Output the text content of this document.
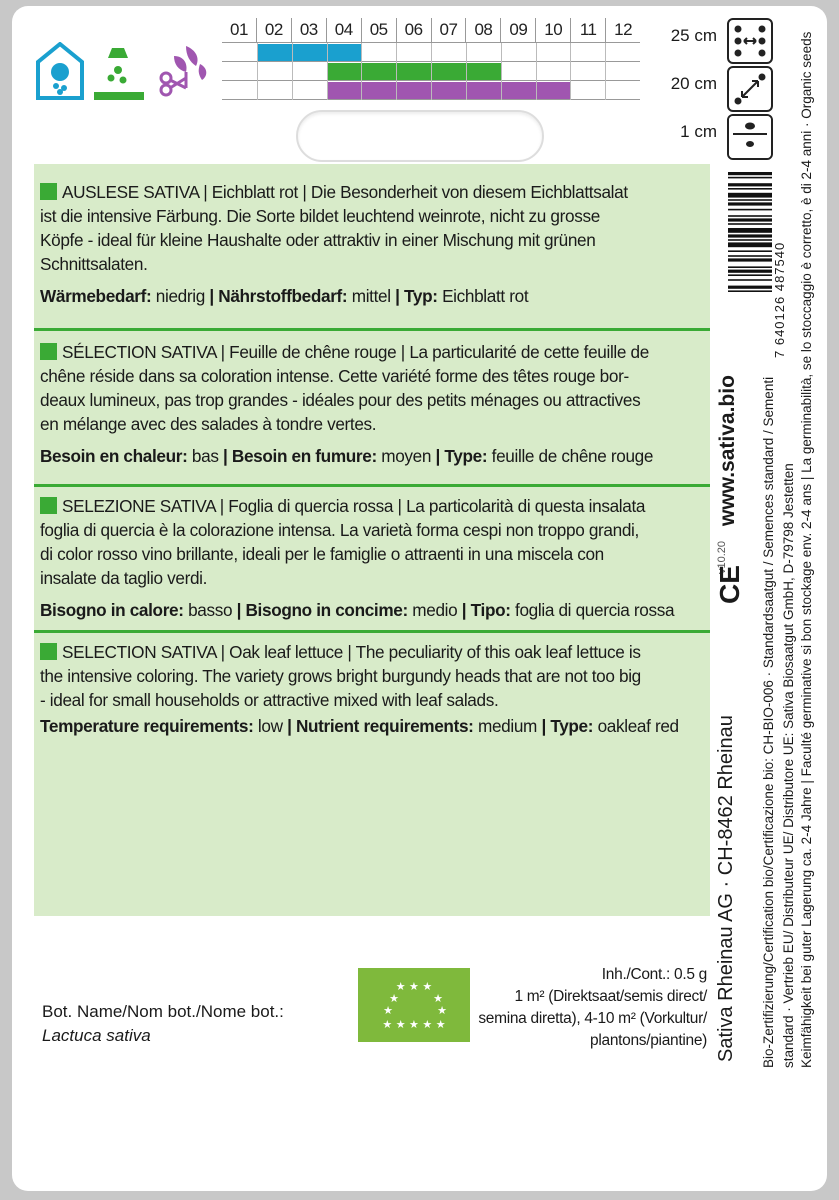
01	02	03	04	05	06	07	08	09	10	11	12	25 cm
20 cm
1 cm

AUSLESE SATIVA | Eichblatt rot | Die Besonderheit von diesem Eichblattsalat
ist die intensive Färbung. Die Sorte bildet leuchtend weinrote, nicht zu grosse
Köpfe - ideal für kleine Haushalte oder attraktiv in einer Mischung mit grünen
Schnittsalaten.

Wärmebedarf: niedrig | Nährstoffbedarf: mittel | Typ: Eichblatt rot

SÉLECTION SATIVA | Feuille de chêne rouge | La particularité de cette feuille de
chêne réside dans sa coloration intense. Cette variété forme des têtes rouge bor-
deaux lumineux, pas trop grandes - idéales pour des petits ménages ou attractives
en mélange avec des salades à tondre vertes.

Besoin en chaleur: bas | Besoin en fumure: moyen | Type: feuille de chêne rouge

SELEZIONE SATIVA | Foglia di quercia rossa | La particolarità di questa insalata
foglia di quercia è la colorazione intensa. La varietà forma cespi non troppo grandi,
di color rosso vino brillante, ideali per le famiglie o attraenti in una miscela con
insalate da taglio verdi.

Bisogno in calore: basso | Bisogno in concime: medio | Tipo: foglia di quercia rossa

SELECTION SATIVA | Oak leaf lettuce | The peculiarity of this oak leaf lettuce is
the intensive coloring. The variety grows bright burgundy heads that are not too big
- ideal for small households or attractive mixed with leaf salads.

Temperature requirements: low | Nutrient requirements: medium | Type: oakleaf red

Bot. Name/Nom bot./Nome bot.:
Lactuca sativa
★ ★ ★
★	★
★	★
★ ★ ★ ★ ★
Inh./Cont.: 0.5 g
1 m² (Direktsaat/semis direct/
semina diretta), 4-10 m² (Vorkultur/
plantons/piantine)
7 640126 487540
www.sativa.bio
v10.20
CE
Sativa Rheinau AG · CH-8462 Rheinau Bio-Zertifizierung/Certification bio/Certificazione bio: CH-BIO-006 · Standardsaatgut / Semences standard / Sementi standard · Vertrieb EU/ Distributeur UE/ Distributore UE: Sativa Biosaatgut GmbH, D-79798 Jestetten Keimfähigkeit bei guter Lagerung ca. 2-4 Jahre | Faculté germinative si bon stockage env. 2-4 ans | La germinabilità, se lo stoccaggio è corretto, è di 2-4 anni · Organic seeds
